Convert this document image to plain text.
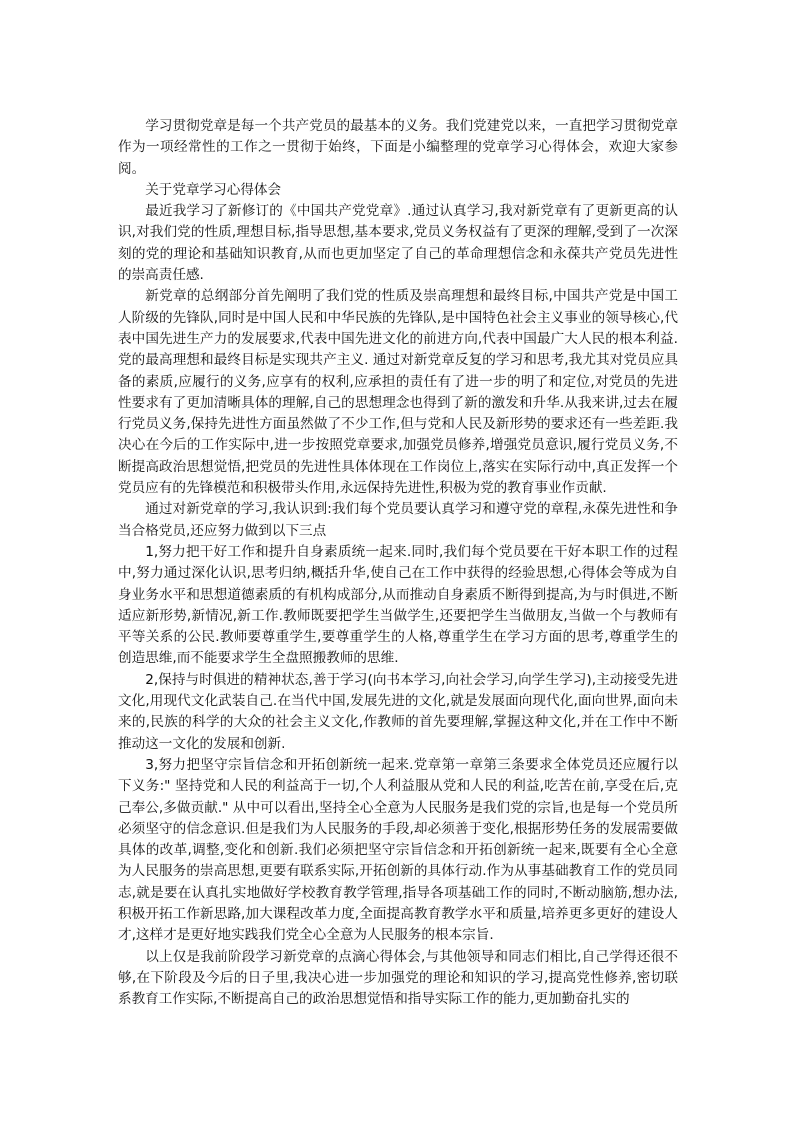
学习贯彻党章是每一个共产党员的最基本的义务。我们党建党以来，一直把学习贯彻党章作为一项经常性的工作之一贯彻于始终，下面是小编整理的党章学习心得体会，欢迎大家参阅。

关于党章学习心得体会

最近我学习了新修订的《中国共产党党章》.通过认真学习,我对新党章有了更新更高的认识,对我们党的性质,理想目标,指导思想,基本要求,党员义务权益有了更深的理解,受到了一次深刻的党的理论和基础知识教育,从而也更加坚定了自己的革命理想信念和永葆共产党员先进性的崇高责任感.

新党章的总纲部分首先阐明了我们党的性质及崇高理想和最终目标,中国共产党是中国工人阶级的先锋队,同时是中国人民和中华民族的先锋队,是中国特色社会主义事业的领导核心,代表中国先进生产力的发展要求,代表中国先进文化的前进方向,代表中国最广大人民的根本利益.党的最高理想和最终目标是实现共产主义. 通过对新党章反复的学习和思考,我尤其对党员应具备的素质,应履行的义务,应享有的权利,应承担的责任有了进一步的明了和定位,对党员的先进性要求有了更加清晰具体的理解,自己的思想理念也得到了新的激发和升华.从我来讲,过去在履行党员义务,保持先进性方面虽然做了不少工作,但与党和人民及新形势的要求还有一些差距.我决心在今后的工作实际中,进一步按照党章要求,加强党员修养,增强党员意识,履行党员义务,不断提高政治思想觉悟,把党员的先进性具体体现在工作岗位上,落实在实际行动中,真正发挥一个党员应有的先锋模范和积极带头作用,永远保持先进性,积极为党的教育事业作贡献.

通过对新党章的学习,我认识到:我们每个党员要认真学习和遵守党的章程,永葆先进性和争当合格党员,还应努力做到以下三点

1,努力把干好工作和提升自身素质统一起来.同时,我们每个党员要在干好本职工作的过程中,努力通过深化认识,思考归纳,概括升华,使自己在工作中获得的经验思想,心得体会等成为自身业务水平和思想道德素质的有机构成部分,从而推动自身素质不断得到提高,为与时俱进,不断适应新形势,新情况,新工作.教师既要把学生当做学生,还要把学生当做朋友,当做一个与教师有平等关系的公民.教师要尊重学生,要尊重学生的人格,尊重学生在学习方面的思考,尊重学生的创造思维,而不能要求学生全盘照搬教师的思维.

2,保持与时俱进的精神状态,善于学习(向书本学习,向社会学习,向学生学习),主动接受先进文化,用现代文化武装自己.在当代中国,发展先进的文化,就是发展面向现代化,面向世界,面向未来的,民族的科学的大众的社会主义文化,作教师的首先要理解,掌握这种文化,并在工作中不断推动这一文化的发展和创新.

3,努力把坚守宗旨信念和开拓创新统一起来.党章第一章第三条要求全体党员还应履行以下义务:" 坚持党和人民的利益高于一切,个人利益服从党和人民的利益,吃苦在前,享受在后,克己奉公,多做贡献." 从中可以看出,坚持全心全意为人民服务是我们党的宗旨,也是每一个党员所必须坚守的信念意识.但是我们为人民服务的手段,却必须善于变化,根据形势任务的发展需要做具体的改革,调整,变化和创新.我们必须把坚守宗旨信念和开拓创新统一起来,既要有全心全意为人民服务的崇高思想,更要有联系实际,开拓创新的具体行动.作为从事基础教育工作的党员同志,就是要在认真扎实地做好学校教育教学管理,指导各项基础工作的同时,不断动脑筋,想办法,积极开拓工作新思路,加大课程改革力度,全面提高教育教学水平和质量,培养更多更好的建设人才,这样才是更好地实践我们党全心全意为人民服务的根本宗旨.

以上仅是我前阶段学习新党章的点滴心得体会,与其他领导和同志们相比,自己学得还很不够,在下阶段及今后的日子里,我决心进一步加强党的理论和知识的学习,提高党性修养,密切联系教育工作实际,不断提高自己的政治思想觉悟和指导实际工作的能力,更加勤奋扎实的
